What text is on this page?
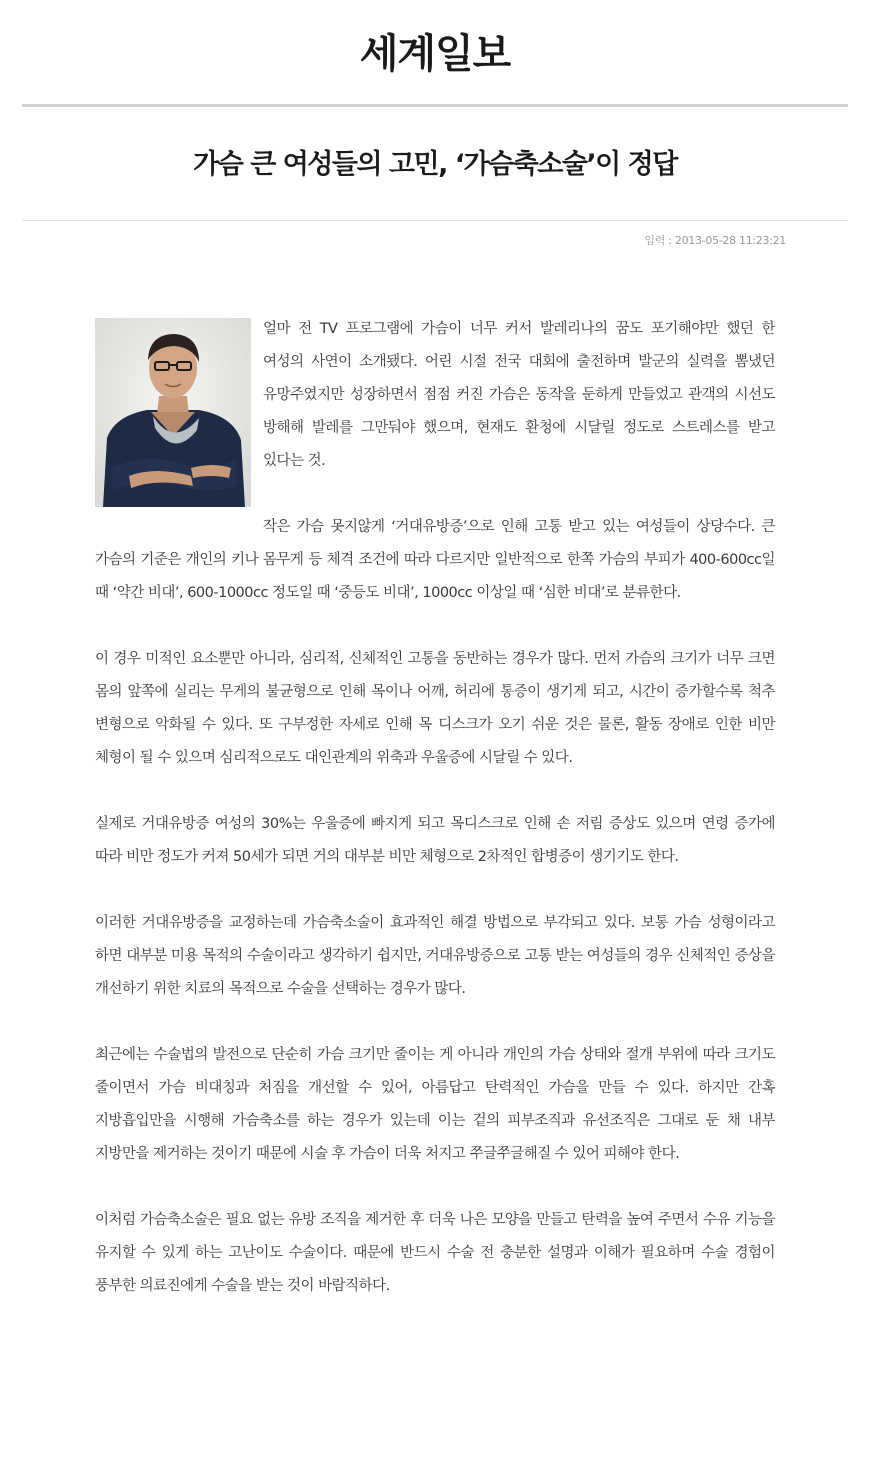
세계일보
가슴 큰 여성들의 고민, ‘가슴축소술’이 정답
입력 : 2013-05-28 11:23:21

얼마 전 TV 프로그램에 가슴이 너무 커서 발레리나의 꿈도 포기해야만 했던 한 여성의 사연이 소개됐다. 어린 시절 전국 대회에 출전하며 발군의 실력을 뽐냈던 유망주였지만 성장하면서 점점 커진 가슴은 동작을 둔하게 만들었고 관객의 시선도 방해해 발레를 그만둬야 했으며, 현재도 환청에 시달릴 정도로 스트레스를 받고 있다는 것.

작은 가슴 못지않게 ‘거대유방증’으로 인해 고통 받고 있는 여성들이 상당수다. 큰 가슴의 기준은 개인의 키나 몸무게 등 체격 조건에 따라 다르지만 일반적으로 한쪽 가슴의 부피가 400-600cc일 때 ‘약간 비대’, 600-1000cc 정도일 때 ‘중등도 비대’, 1000cc 이상일 때 ‘심한 비대’로 분류한다.

이 경우 미적인 요소뿐만 아니라, 심리적, 신체적인 고통을 동반하는 경우가 많다. 먼저 가슴의 크기가 너무 크면 몸의 앞쪽에 실리는 무게의 불균형으로 인해 목이나 어깨, 허리에 통증이 생기게 되고, 시간이 증가할수록 척추 변형으로 악화될 수 있다. 또 구부정한 자세로 인해 목 디스크가 오기 쉬운 것은 물론, 활동 장애로 인한 비만 체형이 될 수 있으며 심리적으로도 대인관계의 위축과 우울증에 시달릴 수 있다.

실제로 거대유방증 여성의 30%는 우울증에 빠지게 되고 목디스크로 인해 손 저림 증상도 있으며 연령 증가에 따라 비만 정도가 커져 50세가 되면 거의 대부분 비만 체형으로 2차적인 합병증이 생기기도 한다.

이러한 거대유방증을 교정하는데 가슴축소술이 효과적인 해결 방법으로 부각되고 있다. 보통 가슴 성형이라고 하면 대부분 미용 목적의 수술이라고 생각하기 쉽지만, 거대유방증으로 고통 받는 여성들의 경우 신체적인 증상을 개선하기 위한 치료의 목적으로 수술을 선택하는 경우가 많다.

최근에는 수술법의 발전으로 단순히 가슴 크기만 줄이는 게 아니라 개인의 가슴 상태와 절개 부위에 따라 크기도 줄이면서 가슴 비대칭과 처짐을 개선할 수 있어, 아름답고 탄력적인 가슴을 만들 수 있다. 하지만 간혹 지방흡입만을 시행해 가슴축소를 하는 경우가 있는데 이는 겉의 피부조직과 유선조직은 그대로 둔 채 내부 지방만을 제거하는 것이기 때문에 시술 후 가슴이 더욱 처지고 쭈글쭈글해질 수 있어 피해야 한다.

이처럼 가슴축소술은 필요 없는 유방 조직을 제거한 후 더욱 나은 모양을 만들고 탄력을 높여 주면서 수유 기능을 유지할 수 있게 하는 고난이도 수술이다. 때문에 반드시 수술 전 충분한 설명과 이해가 필요하며 수술 경험이 풍부한 의료진에게 수술을 받는 것이 바람직하다.
